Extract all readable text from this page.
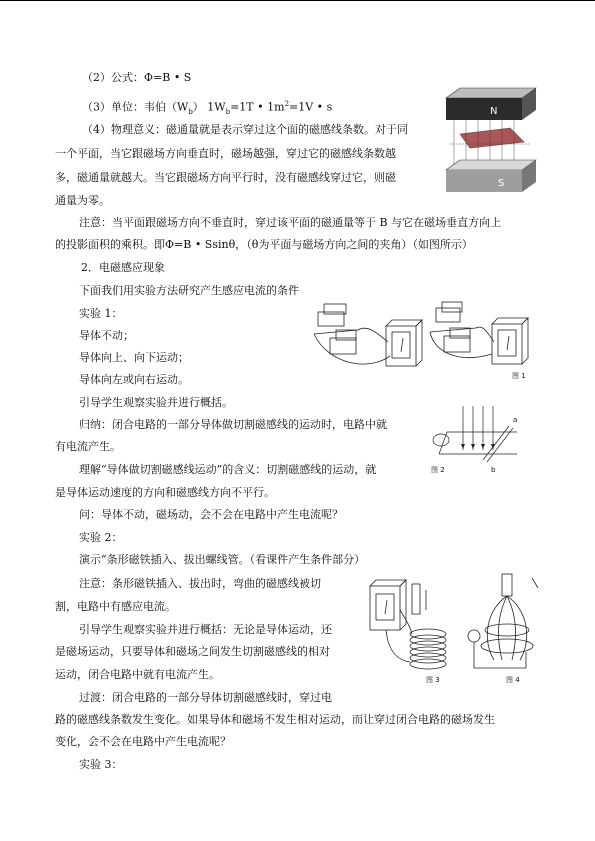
（2）公式：Φ=B • S
（3）单位：韦伯$(W_b)$ $1W_b=1T$ • $1m^2=1V$ • s
（4）物理意义：磁通量就是表示穿过这个面的磁感线条数。对于同
一个平面，当它跟磁场方向垂直时，磁场越强，穿过它的磁感线条数越
多，磁通量就越大。当它跟磁场方向平行时，没有磁感线穿过它，则磁
通量为零。
注意：当平面跟磁场方向不垂直时，穿过该平面的磁通量等于 B 与它在磁场垂直方向上
的投影面积的乘积。即Φ=B • Ssinθ，（θ为平面与磁场方向之间的夹角）（如图所示）
2．电磁感应现象
下面我们用实验方法研究产生感应电流的条件
实验 1：
导体不动；
导体向上、向下运动；
导体向左或向右运动。
引导学生观察实验并进行概括。
归纳：闭合电路的一部分导体做切割磁感线的运动时，电路中就
有电流产生。
理解“导体做切割磁感线运动”的含义：切割磁感线的运动，就
是导体运动速度的方向和磁感线方向不平行。
问：导体不动，磁场动，会不会在电路中产生电流呢？
实验 2：
演示“条形磁铁插入、拔出螺线管。（看课件产生条件部分）
注意：条形磁铁插入、拔出时，弯曲的磁感线被切
割，电路中有感应电流。
引导学生观察实验并进行概括：无论是导体运动，还
是磁场运动，只要导体和磁场之间发生切割磁感线的相对
运动，闭合电路中就有电流产生。
过渡：闭合电路的一部分导体切割磁感线时，穿过电
路的磁感线条数发生变化。如果导体和磁场不发生相对运动，而让穿过闭合电路的磁场发生
变化，会不会在电路中产生电流呢？
实验 3：
N
S
图 1
a
b
图 2
图 3	图 4
